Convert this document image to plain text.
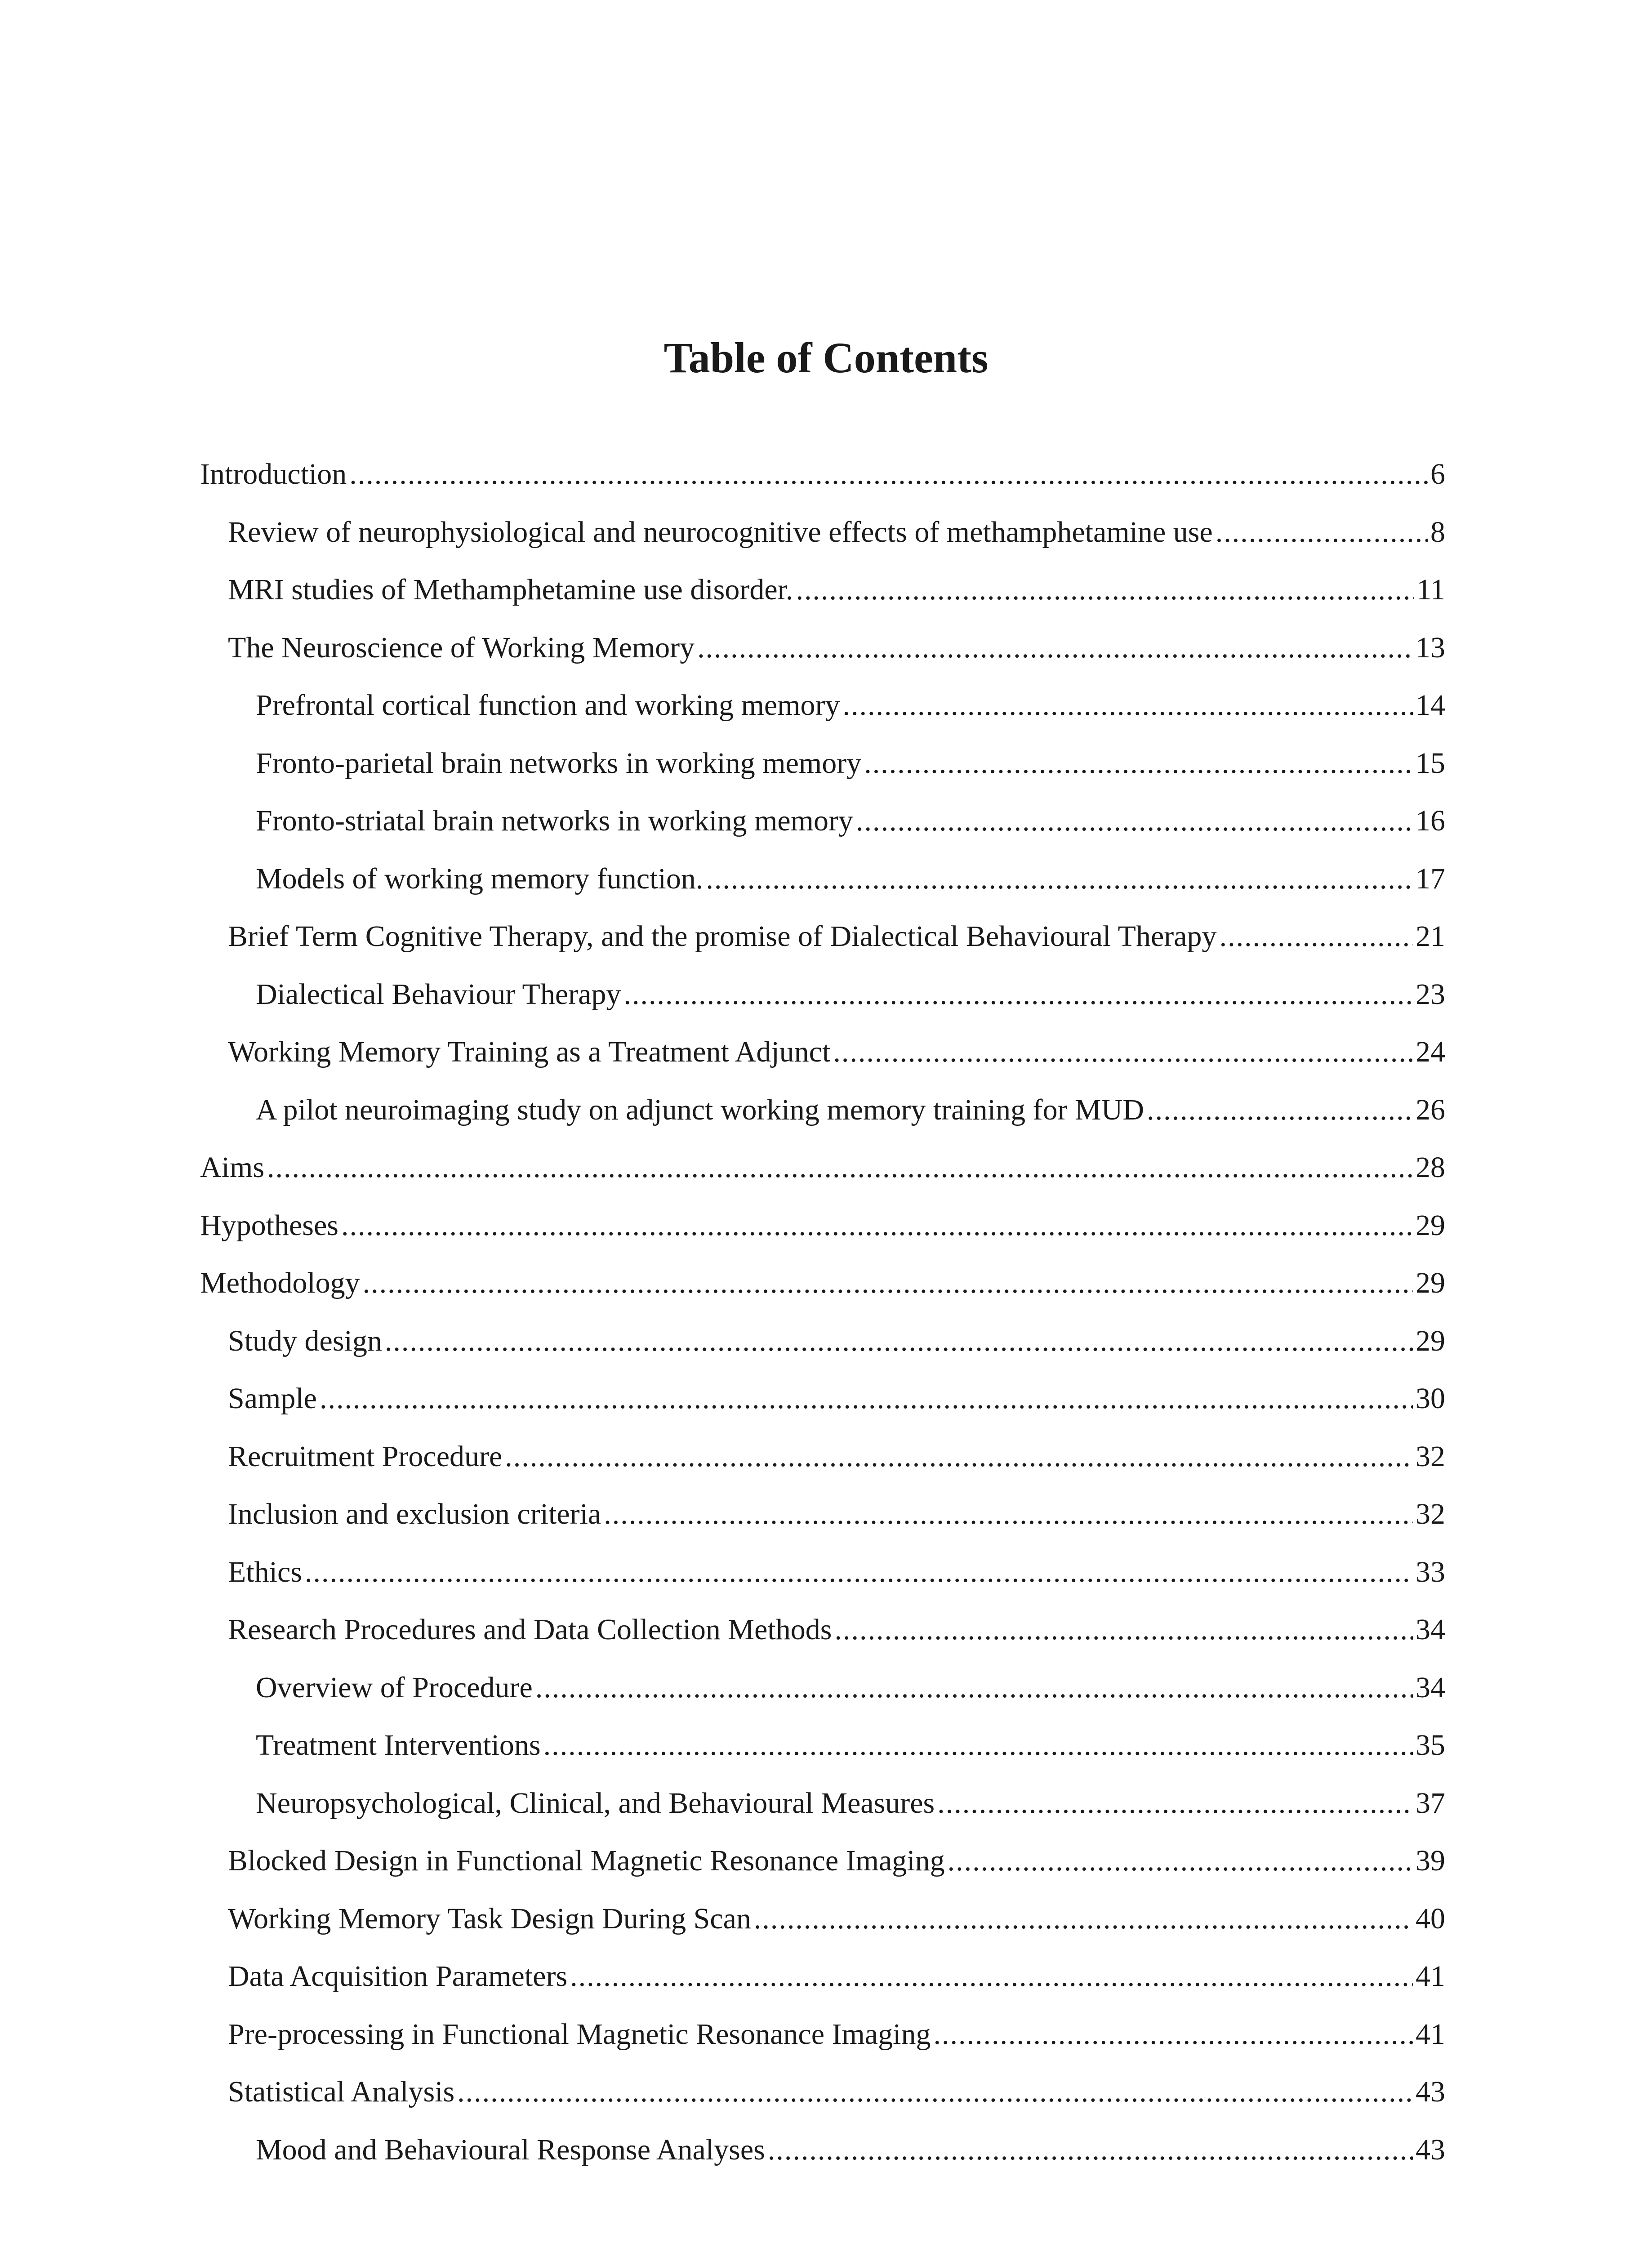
Table of Contents
Introduction .....	6
Review of neurophysiological and neurocognitive effects of methamphetamine use .....	8
MRI studies of Methamphetamine use disorder. .....	11
The Neuroscience of Working Memory .....	13
Prefrontal cortical function and working memory .....	14
Fronto-parietal brain networks in working memory .....	15
Fronto-striatal brain networks in working memory .....	16
Models of working memory function. .....	17
Brief Term Cognitive Therapy, and the promise of Dialectical Behavioural Therapy .....	21
Dialectical Behaviour Therapy .....	23
Working Memory Training as a Treatment Adjunct .....	24
A pilot neuroimaging study on adjunct working memory training for MUD .....	26
Aims .....	28
Hypotheses .....	29
Methodology .....	29
Study design .....	29
Sample .....	30
Recruitment Procedure .....	32
Inclusion and exclusion criteria .....	32
Ethics .....	33
Research Procedures and Data Collection Methods .....	34
Overview of Procedure .....	34
Treatment Interventions .....	35
Neuropsychological, Clinical, and Behavioural Measures .....	37
Blocked Design in Functional Magnetic Resonance Imaging .....	39
Working Memory Task Design During Scan .....	40
Data Acquisition Parameters .....	41
Pre-processing in Functional Magnetic Resonance Imaging .....	41
Statistical Analysis .....	43
Mood and Behavioural Response Analyses .....	43
